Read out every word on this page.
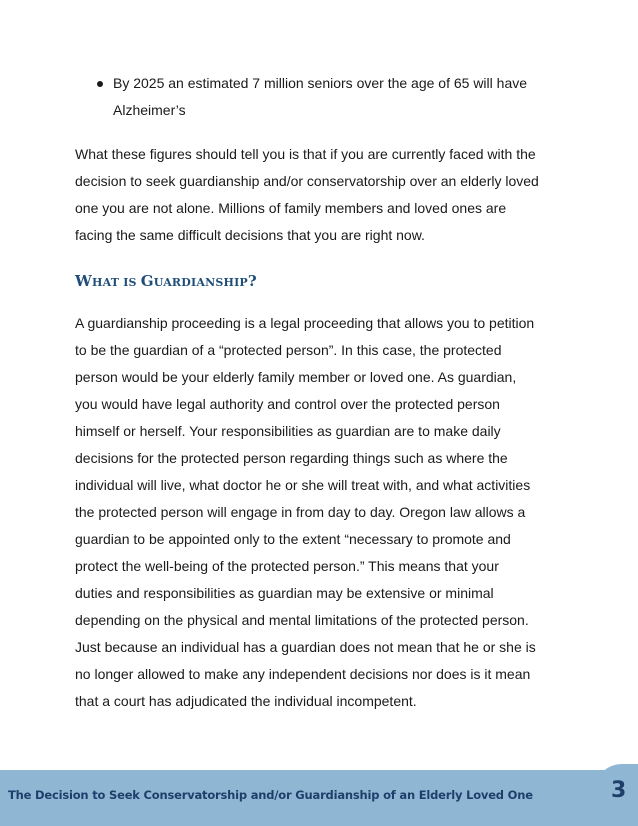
By 2025 an estimated 7 million seniors over the age of 65 will have
Alzheimer’s
What these figures should tell you is that if you are currently faced with the
decision to seek guardianship and/or conservatorship over an elderly loved
one you are not alone. Millions of family members and loved ones are
facing the same difficult decisions that you are right now.
WHAT IS GUARDIANSHIP?
A guardianship proceeding is a legal proceeding that allows you to petition
to be the guardian of a “protected person”. In this case, the protected
person would be your elderly family member or loved one. As guardian,
you would have legal authority and control over the protected person
himself or herself. Your responsibilities as guardian are to make daily
decisions for the protected person regarding things such as where the
individual will live, what doctor he or she will treat with, and what activities
the protected person will engage in from day to day. Oregon law allows a
guardian to be appointed only to the extent “necessary to promote and
protect the well-being of the protected person.” This means that your
duties and responsibilities as guardian may be extensive or minimal
depending on the physical and mental limitations of the protected person.
Just because an individual has a guardian does not mean that he or she is
no longer allowed to make any independent decisions nor does is it mean
that a court has adjudicated the individual incompetent.
The Decision to Seek Conservatorship and/or Guardianship of an Elderly Loved One	3
